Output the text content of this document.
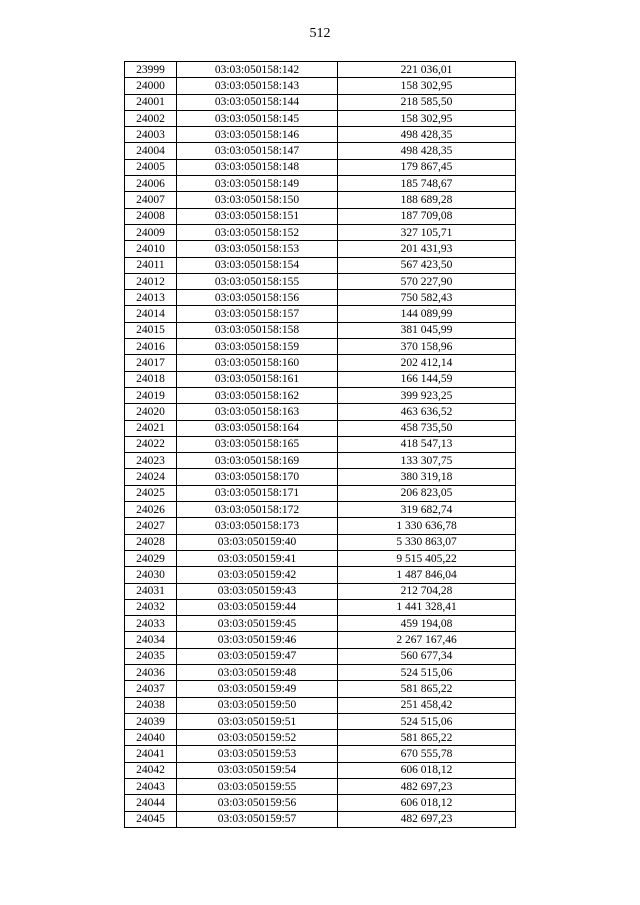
512
23999	03:03:050158:142	221 036,01
24000	03:03:050158:143	158 302,95
24001	03:03:050158:144	218 585,50
24002	03:03:050158:145	158 302,95
24003	03:03:050158:146	498 428,35
24004	03:03:050158:147	498 428,35
24005	03:03:050158:148	179 867,45
24006	03:03:050158:149	185 748,67
24007	03:03:050158:150	188 689,28
24008	03:03:050158:151	187 709,08
24009	03:03:050158:152	327 105,71
24010	03:03:050158:153	201 431,93
24011	03:03:050158:154	567 423,50
24012	03:03:050158:155	570 227,90
24013	03:03:050158:156	750 582,43
24014	03:03:050158:157	144 089,99
24015	03:03:050158:158	381 045,99
24016	03:03:050158:159	370 158,96
24017	03:03:050158:160	202 412,14
24018	03:03:050158:161	166 144,59
24019	03:03:050158:162	399 923,25
24020	03:03:050158:163	463 636,52
24021	03:03:050158:164	458 735,50
24022	03:03:050158:165	418 547,13
24023	03:03:050158:169	133 307,75
24024	03:03:050158:170	380 319,18
24025	03:03:050158:171	206 823,05
24026	03:03:050158:172	319 682,74
24027	03:03:050158:173	1 330 636,78
24028	03:03:050159:40	5 330 863,07
24029	03:03:050159:41	9 515 405,22
24030	03:03:050159:42	1 487 846,04
24031	03:03:050159:43	212 704,28
24032	03:03:050159:44	1 441 328,41
24033	03:03:050159:45	459 194,08
24034	03:03:050159:46	2 267 167,46
24035	03:03:050159:47	560 677,34
24036	03:03:050159:48	524 515,06
24037	03:03:050159:49	581 865,22
24038	03:03:050159:50	251 458,42
24039	03:03:050159:51	524 515,06
24040	03:03:050159:52	581 865,22
24041	03:03:050159:53	670 555,78
24042	03:03:050159:54	606 018,12
24043	03:03:050159:55	482 697,23
24044	03:03:050159:56	606 018,12
24045	03:03:050159:57	482 697,23
